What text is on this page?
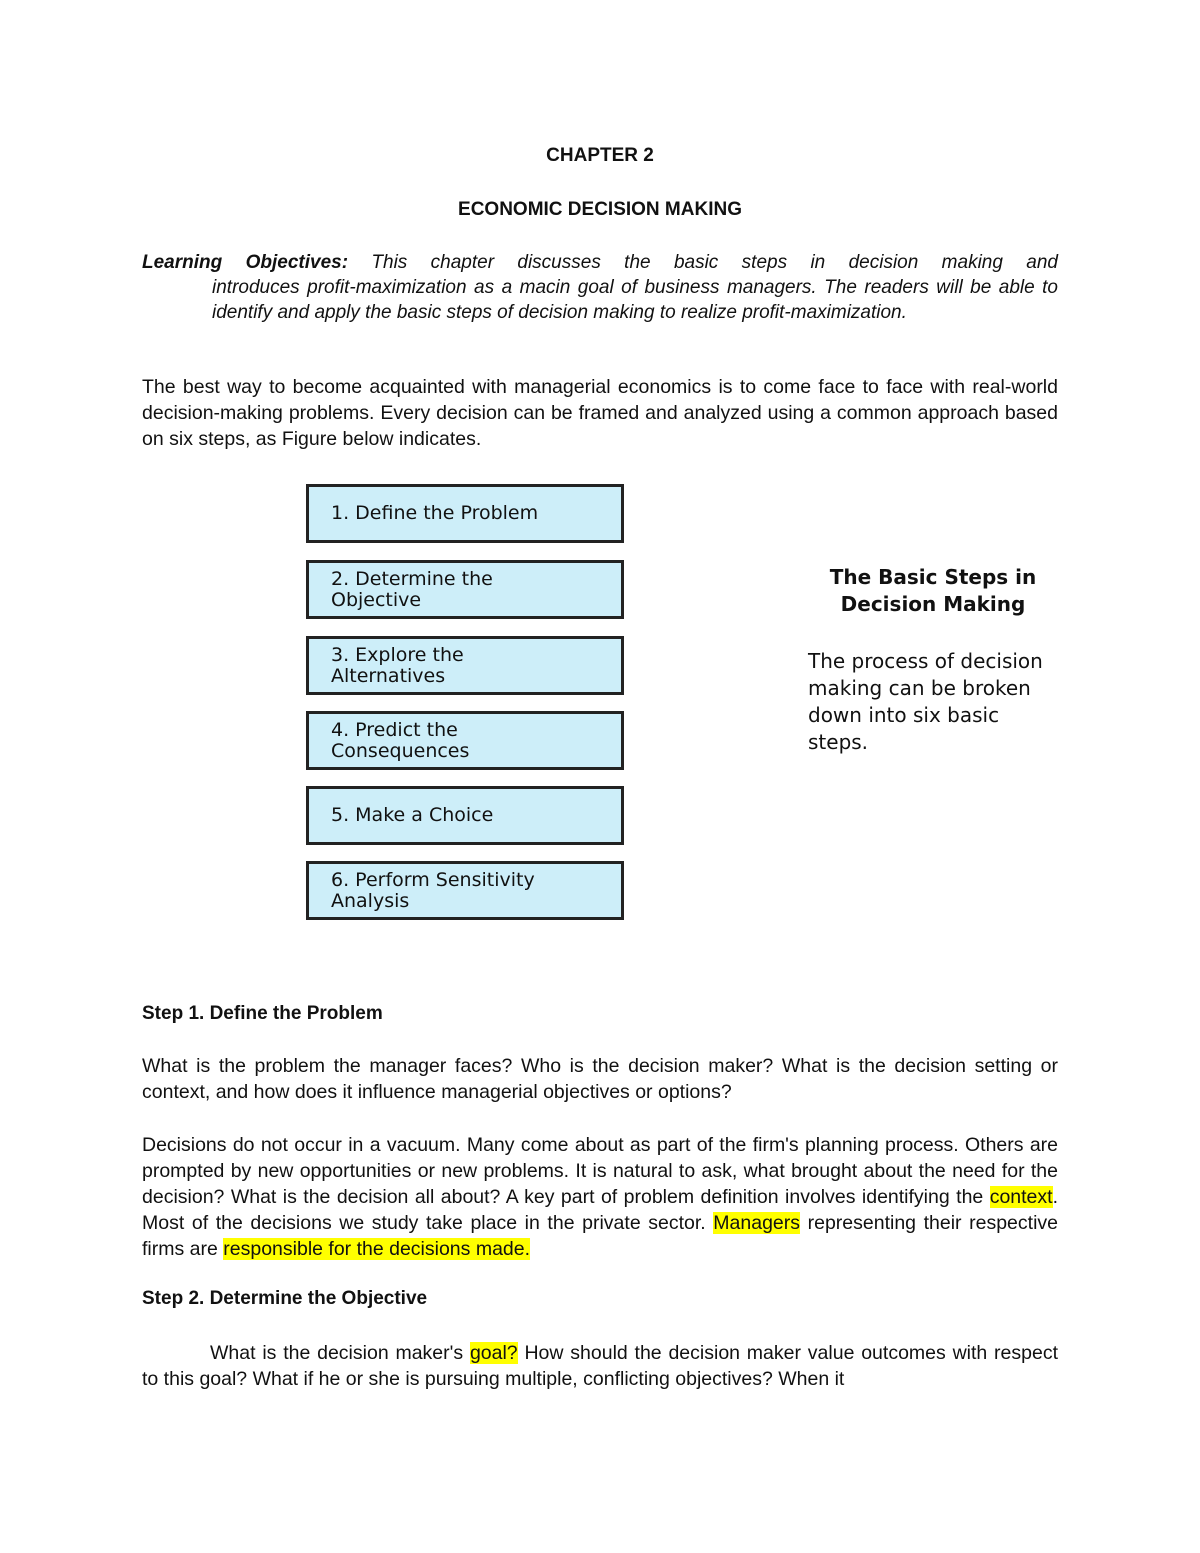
CHAPTER 2
ECONOMIC DECISION MAKING
Learning Objectives: This chapter discusses the basic steps in decision making and
introduces profit-maximization as a macin goal of business managers. The readers will be able to identify and apply the basic steps of decision making to realize profit-maximization.
The best way to become acquainted with managerial economics is to come face to face with real-world decision-making problems. Every decision can be framed and analyzed using a common approach based on six steps, as Figure below indicates.
1. Define the Problem
2. Determine the
Objective
3. Explore the
Alternatives
4. Predict the
Consequences
5. Make a Choice
6. Perform Sensitivity
Analysis
The Basic Steps in Decision Making
The process of decision making can be broken down into six basic steps.
Step 1. Define the Problem
What is the problem the manager faces? Who is the decision maker? What is the decision setting or context, and how does it influence managerial objectives or options?
Decisions do not occur in a vacuum. Many come about as part of the firm's planning process. Others are prompted by new opportunities or new problems. It is natural to ask, what brought about the need for the decision? What is the decision all about? A key part of problem definition involves identifying the context. Most of the decisions we study take place in the private sector. Managers representing their respective firms are responsible for the decisions made.
Step 2. Determine the Objective
What is the decision maker's goal? How should the decision maker value outcomes with respect to this goal? What if he or she is pursuing multiple, conflicting objectives? When it
